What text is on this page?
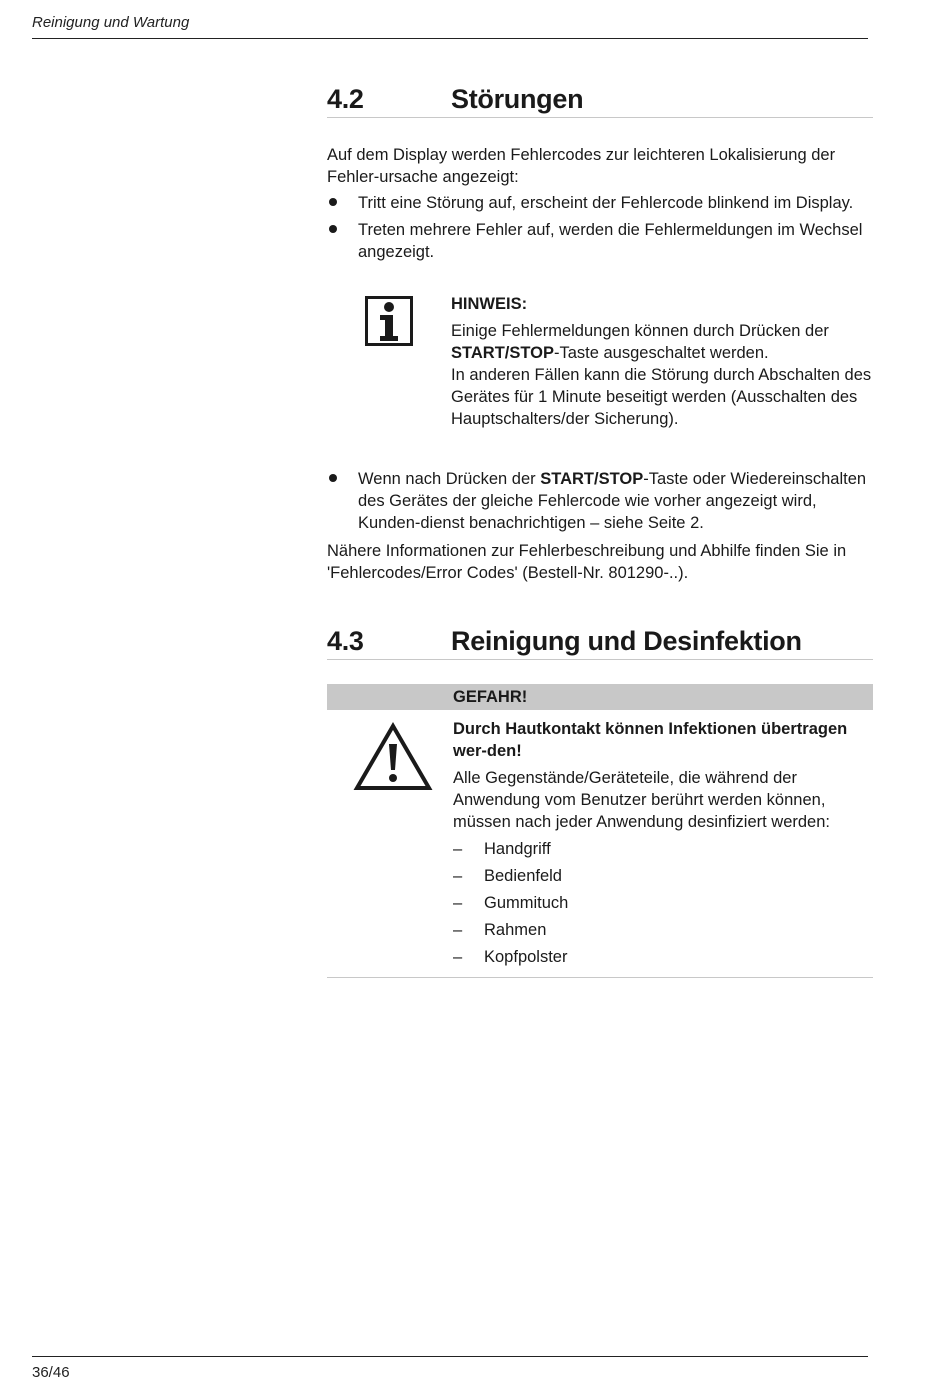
Reinigung und Wartung
4.2	Störungen

Auf dem Display werden Fehlercodes zur leichteren Lokalisierung der Fehler-ursache angezeigt:

Tritt eine Störung auf, erscheint der Fehlercode blinkend im Display.
Treten mehrere Fehler auf, werden die Fehlermeldungen im Wechsel angezeigt.
HINWEIS:
Einige Fehlermeldungen können durch Drücken der START/STOP-Taste ausgeschaltet werden.
In anderen Fällen kann die Störung durch Abschalten des Gerätes für 1 Minute beseitigt werden (Ausschalten des Hauptschalters/der Sicherung).
Wenn nach Drücken der START/STOP-Taste oder Wiedereinschalten des Gerätes der gleiche Fehlercode wie vorher angezeigt wird, Kunden-dienst benachrichtigen – siehe Seite 2.

Nähere Informationen zur Fehlerbeschreibung und Abhilfe finden Sie in 'Fehlercodes/Error Codes' (Bestell-Nr. 801290-..).

4.3	Reinigung und Desinfektion
GEFAHR!
Durch Hautkontakt können Infektionen übertragen wer-den!
Alle Gegenstände/Geräteteile, die während der Anwendung vom Benutzer berührt werden können, müssen nach jeder Anwendung desinfiziert werden:
– Handgriff
– Bedienfeld
– Gummituch
– Rahmen
– Kopfpolster
36/46
